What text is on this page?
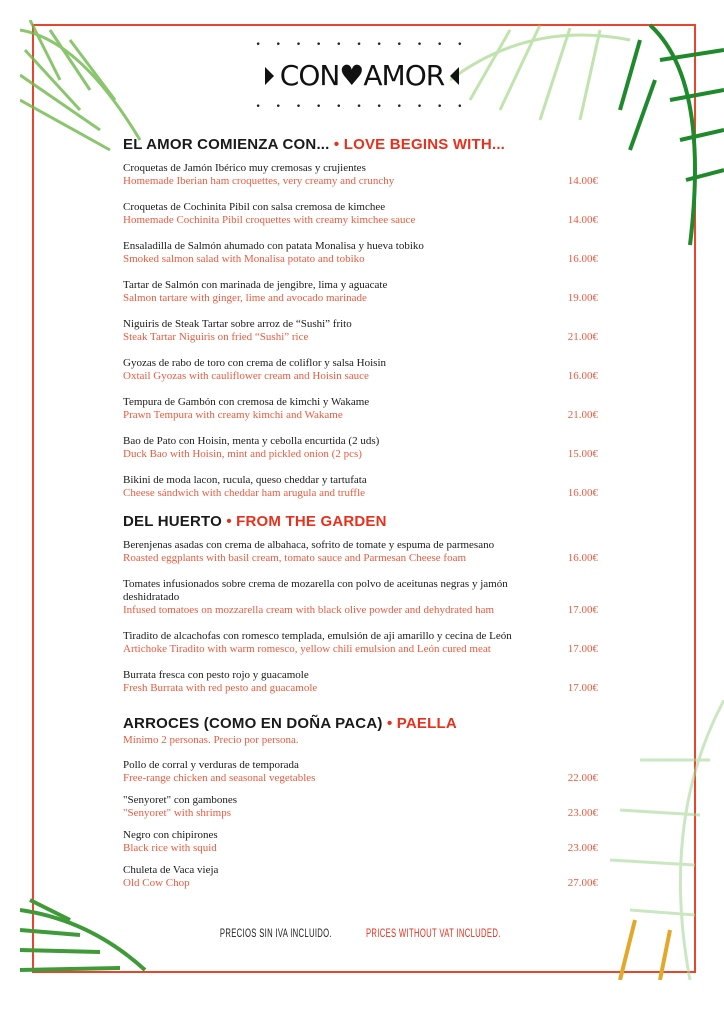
• • • • • • • • • • •
CON♥AMOR
• • • • • • • • • • •
EL AMOR COMIENZA CON... • LOVE BEGINS WITH...
Croquetas de Jamón Ibérico muy cremosas y crujientes
Homemade Iberian ham croquettes, very creamy and crunchy	14.00€
Croquetas de Cochinita Pibil con salsa cremosa de kimchee
Homemade Cochinita Pibil croquettes with creamy kimchee sauce	14.00€
Ensaladilla de Salmón ahumado con patata Monalisa y hueva tobiko
Smoked salmon salad with Monalisa potato and tobiko	16.00€
Tartar de Salmón con marinada de jengibre, lima y aguacate
Salmon tartare with ginger, lime and avocado marinade	19.00€
Niguiris de Steak Tartar sobre arroz de “Sushi” frito
Steak Tartar Niguiris on fried “Sushi” rice	21.00€
Gyozas de rabo de toro con crema de coliflor y salsa Hoisin
Oxtail Gyozas with cauliflower cream and Hoisin sauce	16.00€
Tempura de Gambón con cremosa de kimchi y Wakame
Prawn Tempura with creamy kimchi and Wakame	21.00€
Bao de Pato con Hoisin, menta y cebolla encurtida (2 uds)
Duck Bao with Hoisin, mint and pickled onion (2 pcs)	15.00€
Bikini de moda lacon, rucula, queso cheddar y tartufata
Cheese sándwich with cheddar ham arugula and truffle	16.00€
DEL HUERTO • FROM THE GARDEN
Berenjenas asadas con crema de albahaca, sofrito de tomate y espuma de parmesano
Roasted eggplants with basil cream, tomato sauce and Parmesan Cheese foam	16.00€
Tomates infusionados sobre crema de mozarella con polvo de aceitunas negras y jamón deshidratado
Infused tomatoes on mozzarella cream with black olive powder and dehydrated ham	17.00€
Tiradito de alcachofas con romesco templada, emulsión de aji amarillo y cecina de León
Artichoke Tiradito with warm romesco, yellow chili emulsion and León cured meat	17.00€
Burrata fresca con pesto rojo y guacamole
Fresh Burrata with red pesto and guacamole	17.00€
ARROCES (COMO EN DOÑA PACA) • PAELLA
Mínimo 2 personas. Precio por persona.
Pollo de corral y verduras de temporada
Free-range chicken and seasonal vegetables	22.00€
"Senyoret" con gambones
"Senyoret" with shrimps	23.00€
Negro con chipirones
Black rice with squid	23.00€
Chuleta de Vaca vieja
Old Cow Chop	27.00€
PRECIOS SIN IVA INCLUIDO.	PRICES WITHOUT VAT INCLUDED.
